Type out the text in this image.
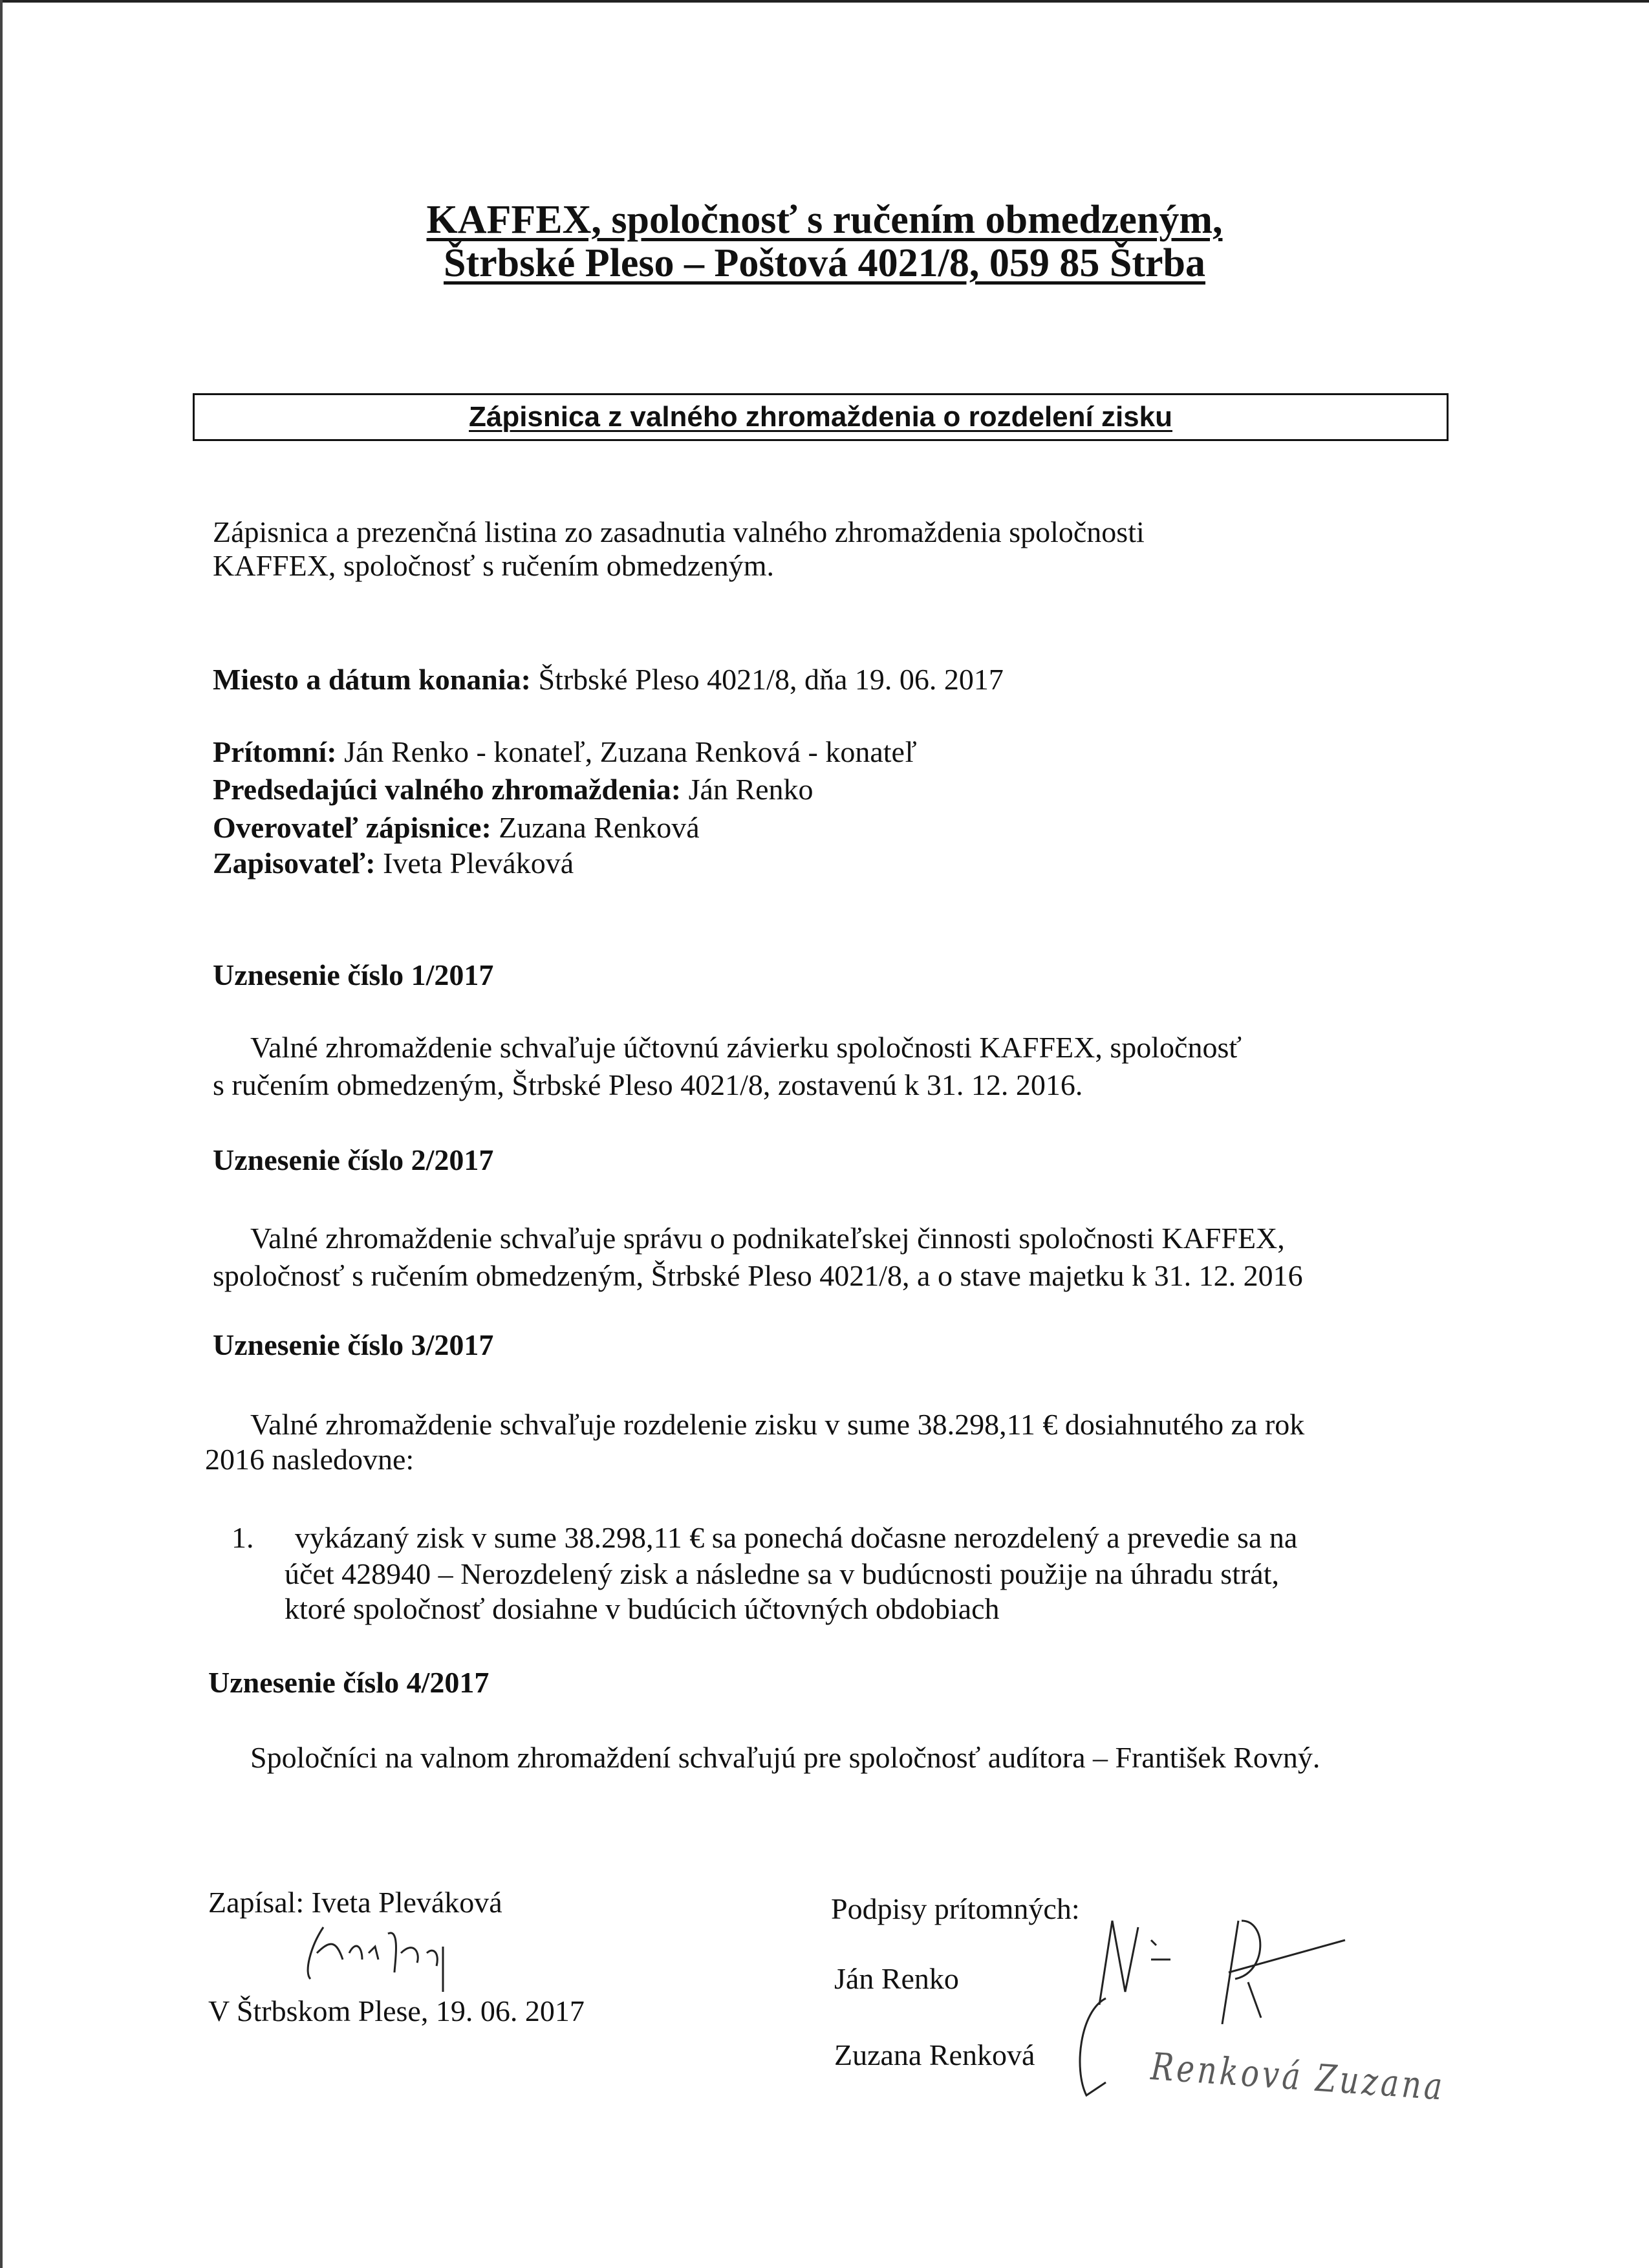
KAFFEX, spoločnosť s ručením obmedzeným,
Štrbské Pleso – Poštová 4021/8, 059 85 Štrba
Zápisnica z valného zhromaždenia o rozdelení zisku
Zápisnica a prezenčná listina zo zasadnutia valného zhromaždenia spoločnosti
KAFFEX, spoločnosť s ručením obmedzeným.
Miesto a dátum konania: Štrbské Pleso 4021/8, dňa 19. 06. 2017
Prítomní: Ján Renko - konateľ, Zuzana Renková - konateľ
Predsedajúci valného zhromaždenia: Ján Renko
Overovateľ zápisnice: Zuzana Renková
Zapisovateľ: Iveta Pleváková
Uznesenie číslo 1/2017
Valné zhromaždenie schvaľuje účtovnú závierku spoločnosti KAFFEX, spoločnosť
s ručením obmedzeným, Štrbské Pleso 4021/8, zostavenú k 31. 12. 2016.
Uznesenie číslo 2/2017
Valné zhromaždenie schvaľuje správu o podnikateľskej činnosti spoločnosti KAFFEX,
spoločnosť s ručením obmedzeným, Štrbské Pleso 4021/8, a o stave majetku k 31. 12. 2016
Uznesenie číslo 3/2017
Valné zhromaždenie schvaľuje rozdelenie zisku v sume 38.298,11 € dosiahnutého za rok
2016 nasledovne:
1. vykázaný zisk v sume 38.298,11 € sa ponechá dočasne nerozdelený a prevedie sa na
účet 428940 – Nerozdelený zisk a následne sa v budúcnosti použije na úhradu strát,
ktoré spoločnosť dosiahne v budúcich účtovných obdobiach
Uznesenie číslo 4/2017
Spoločníci na valnom zhromaždení schvaľujú pre spoločnosť audítora – František Rovný.
Zapísal: Iveta Pleváková
V Štrbskom Plese, 19. 06. 2017
Podpisy prítomných:
Ján Renko
Zuzana Renková	Renková Zuzana
